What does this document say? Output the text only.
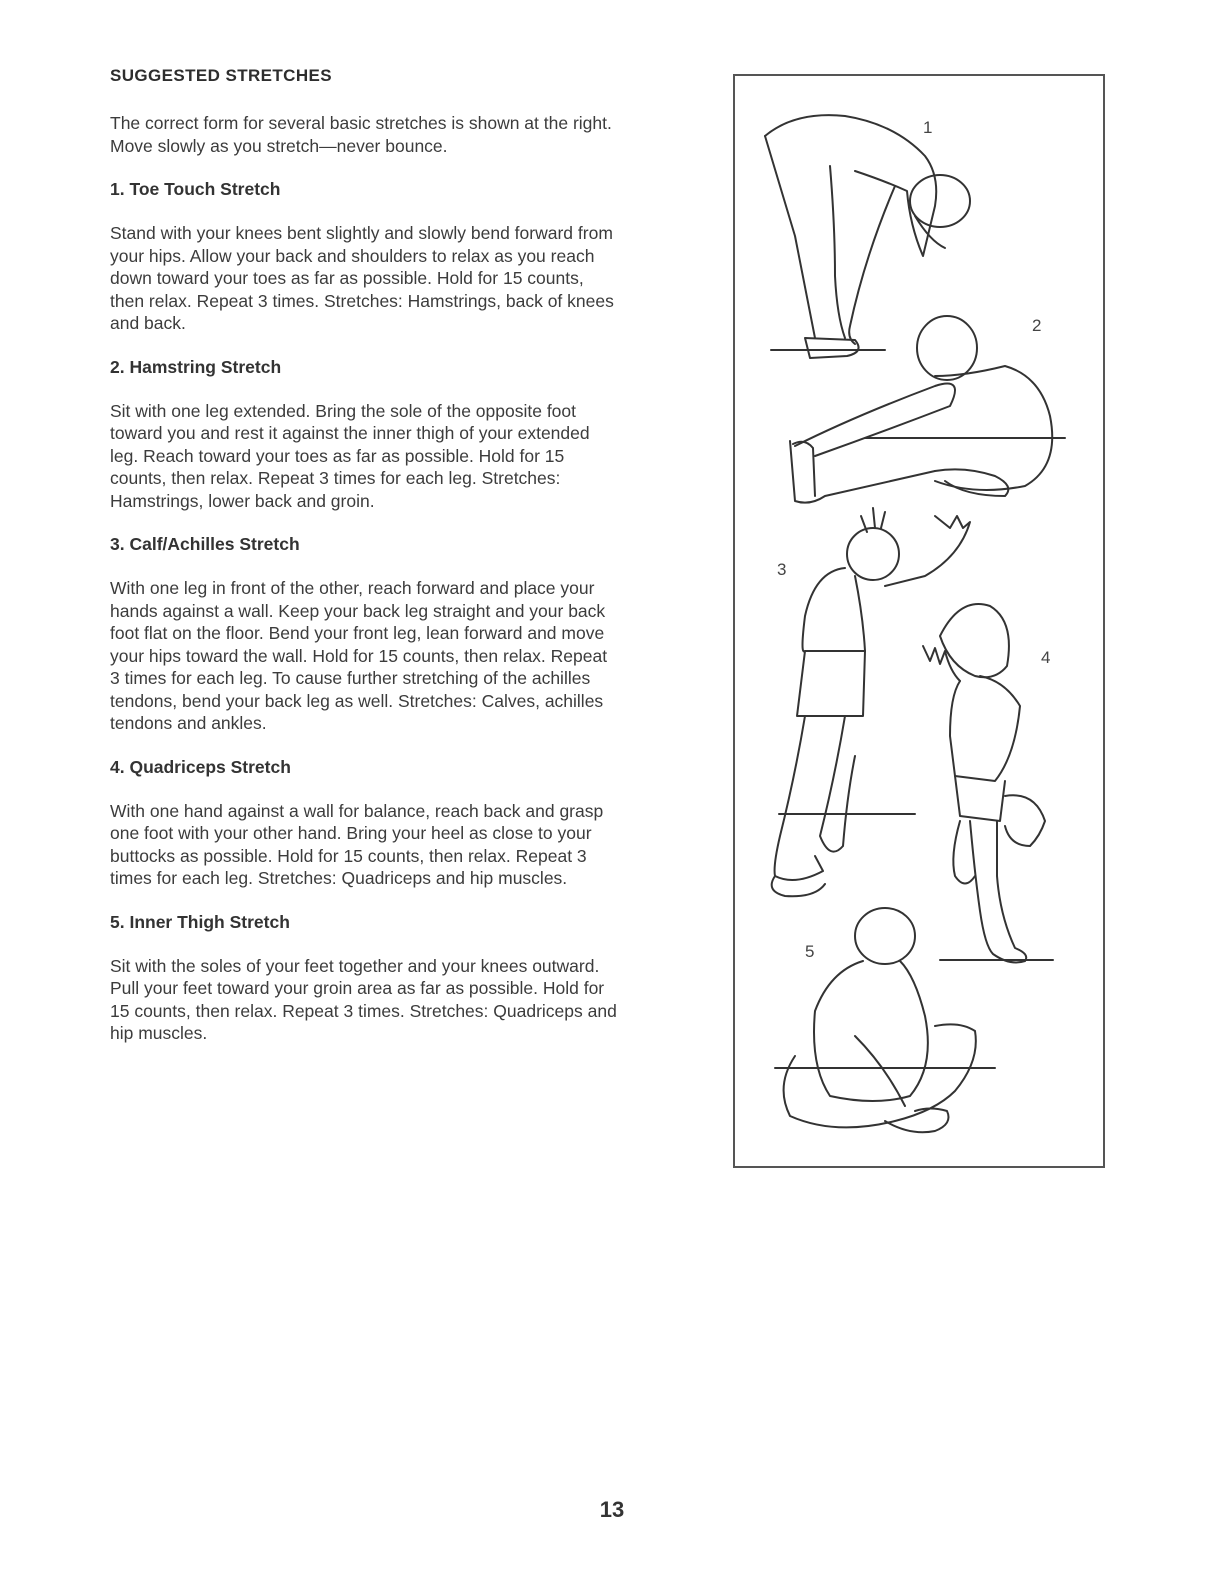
SUGGESTED STRETCHES

The correct form for several basic stretches is shown at the right.
Move slowly as you stretch—never bounce.

1. Toe Touch Stretch

Stand with your knees bent slightly and slowly bend forward from
your hips. Allow your back and shoulders to relax as you reach
down toward your toes as far as possible. Hold for 15 counts,
then relax. Repeat 3 times. Stretches: Hamstrings, back of knees
and back.

2. Hamstring Stretch

Sit with one leg extended. Bring the sole of the opposite foot
toward you and rest it against the inner thigh of your extended
leg. Reach toward your toes as far as possible. Hold for 15
counts, then relax. Repeat 3 times for each leg. Stretches:
Hamstrings, lower back and groin.

3. Calf/Achilles Stretch

With one leg in front of the other, reach forward and place your
hands against a wall. Keep your back leg straight and your back
foot flat on the floor. Bend your front leg, lean forward and move
your hips toward the wall. Hold for 15 counts, then relax. Repeat
3 times for each leg. To cause further stretching of the achilles
tendons, bend your back leg as well. Stretches: Calves, achilles
tendons and ankles.

4. Quadriceps Stretch

With one hand against a wall for balance, reach back and grasp
one foot with your other hand. Bring your heel as close to your
buttocks as possible. Hold for 15 counts, then relax. Repeat 3
times for each leg. Stretches: Quadriceps and hip muscles.

5. Inner Thigh Stretch

Sit with the soles of your feet together and your knees outward.
Pull your feet toward your groin area as far as possible. Hold for
15 counts, then relax. Repeat 3 times. Stretches: Quadriceps and
hip muscles.

1
2
3
4
5
13
